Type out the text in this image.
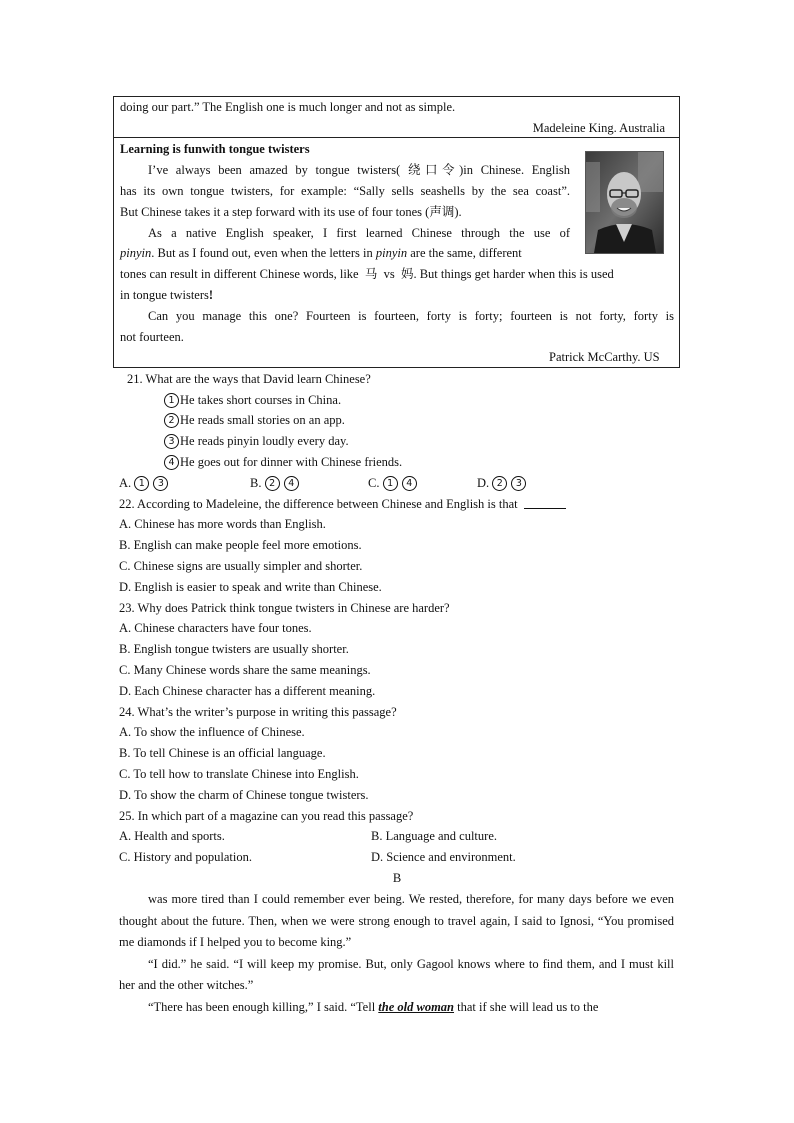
doing our part.” The English one is much longer and not as simple.
Madeleine King. Australia
Learning is funwith tongue twisters
I’ve always been amazed by tongue twisters( 绕口令)in Chinese. English
has its own tongue twisters, for example: “Sally sells seashells by the sea coast”.
But Chinese takes it a step forward with its use of four tones (声调).
As a native English speaker, I first learned Chinese through the use of
pinyin. But as I found out, even when the letters in pinyin are the same, different
tones can result in different Chinese words, like  马  vs  妈. But things get harder when this is used
in tongue twisters!
Can you manage this one? Fourteen is fourteen, forty is forty; fourteen is not forty, forty is
not fourteen.
Patrick McCarthy. US
21. What are the ways that David learn Chinese?
1 He takes short courses in China.
2 He reads small stories on an app.
3 He reads pinyin loudly every day.
4 He goes out for dinner with Chinese friends.
A. 1 3	B. 2 4	C. 1 4	D. 2 3
22. According to Madeleine, the difference between Chinese and English is that
A. Chinese has more words than English.
B. English can make people feel more emotions.
C. Chinese signs are usually simpler and shorter.
D. English is easier to speak and write than Chinese.
23. Why does Patrick think tongue twisters in Chinese are harder?
A. Chinese characters have four tones.
B. English tongue twisters are usually shorter.
C. Many Chinese words share the same meanings.
D. Each Chinese character has a different meaning.
24. What’s the writer’s purpose in writing this passage?
A. To show the influence of Chinese.
B. To tell Chinese is an official language.
C. To tell how to translate Chinese into English.
D. To show the charm of Chinese tongue twisters.
25. In which part of a magazine can you read this passage?
A. Health and sports.	B. Language and culture.
C. History and population.	D. Science and environment.
B

was more tired than I could remember ever being. We rested, therefore, for many days before we even thought about the future. Then, when we were strong enough to travel again, I said to Ignosi, “You promised me diamonds if I helped you to become king.”

“I did.” he said. “I will keep my promise. But, only Gagool knows where to find them, and I must kill her and the other witches.”

“There has been enough killing,” I said. “Tell the old woman that if she will lead us to the
